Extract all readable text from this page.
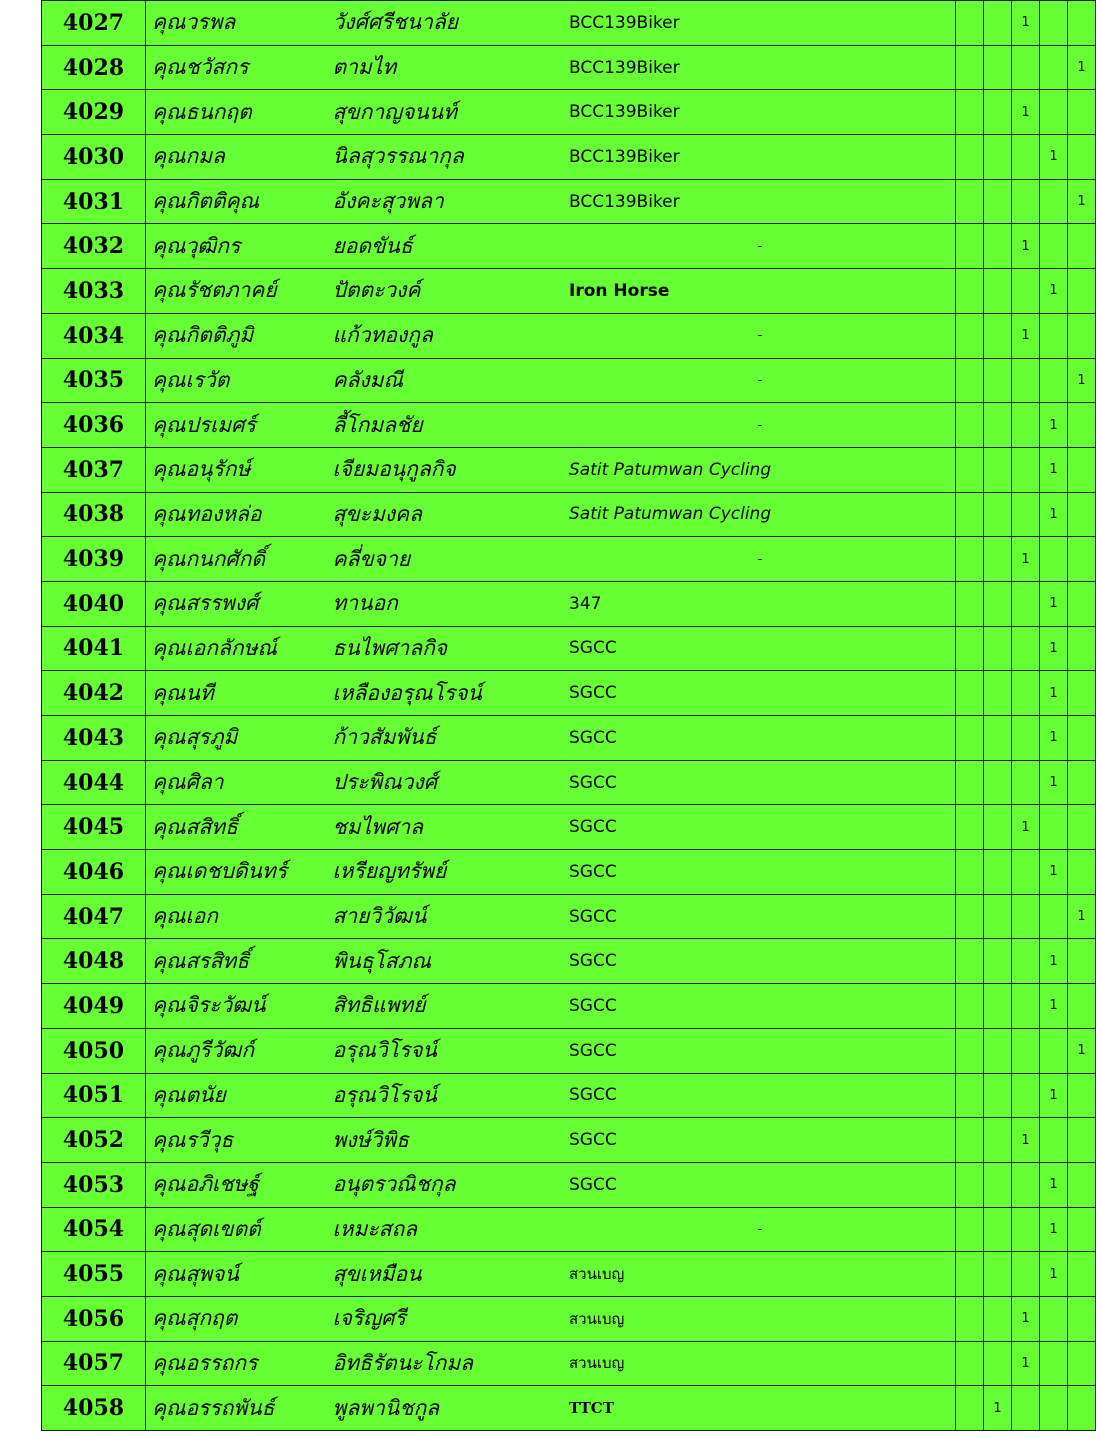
4027	คุณ	วรพล	วังศ์ศรีชนาลัย	BCC139Biker			1		
4028	คุณ	ชวัสกร	ตามไท	BCC139Biker					1
4029	คุณ	ธนกฤต	สุขกาญจนนท์	BCC139Biker			1		
4030	คุณ	กมล	นิลสุวรรณากุล	BCC139Biker				1	
4031	คุณ	กิตติคุณ	อังคะสุวพลา	BCC139Biker					1
4032	คุณ	วุฒิกร	ยอดขันธ์	-			1		
4033	คุณ	รัชตภาคย์	ปัตตะวงค์	Iron Horse				1	
4034	คุณ	กิตติภูมิ	แก้วทองกูล	-			1		
4035	คุณ	เรวัต	คลังมณี	-					1
4036	คุณ	ปรเมศร์	ลี้โกมลชัย	-				1	
4037	คุณ	อนุรักษ์	เจียมอนุกูลกิจ	Satit Patumwan Cycling				1	
4038	คุณ	ทองหล่อ	สุขะมงคล	Satit Patumwan Cycling				1	
4039	คุณ	กนกศักดิ์	คลี่ขจาย	-			1		
4040	คุณ	สรรพงศ์	ทานอก	347				1	
4041	คุณ	เอกลักษณ์	ธนไพศาลกิจ	SGCC				1	
4042	คุณ	นที	เหลืองอรุณโรจน์	SGCC				1	
4043	คุณ	สุรภูมิ	ก้าวสัมพันธ์	SGCC				1	
4044	คุณ	ศิลา	ประพิณวงศ์	SGCC				1	
4045	คุณ	สสิทธิ์	ชมไพศาล	SGCC			1		
4046	คุณ	เดชบดินทร์	เหรียญทรัพย์	SGCC				1	
4047	คุณ	เอก	สายวิวัฒน์	SGCC					1
4048	คุณ	สรสิทธิ์	พินธุโสภณ	SGCC				1	
4049	คุณ	จิระวัฒน์	สิทธิแพทย์	SGCC				1	
4050	คุณ	ภูรีวัฒก์	อรุณวิโรจน์	SGCC					1
4051	คุณ	ตนัย	อรุณวิโรจน์	SGCC				1	
4052	คุณ	รวีวุธ	พงษ์วิพิธ	SGCC			1		
4053	คุณ	อภิเชษฐ์	อนุตรวณิชกุล	SGCC				1	
4054	คุณ	สุดเขตต์	เหมะสถล	-				1	
4055	คุณ	สุพจน์	สุขเหมือน	สวนเบญ				1	
4056	คุณ	สุกฤต	เจริญศรี	สวนเบญ			1		
4057	คุณ	อรรถกร	อิทธิรัตนะโกมล	สวนเบญ			1		
4058	คุณ	อรรถพันธ์	พูลพานิชกูล	TTCT		1			
